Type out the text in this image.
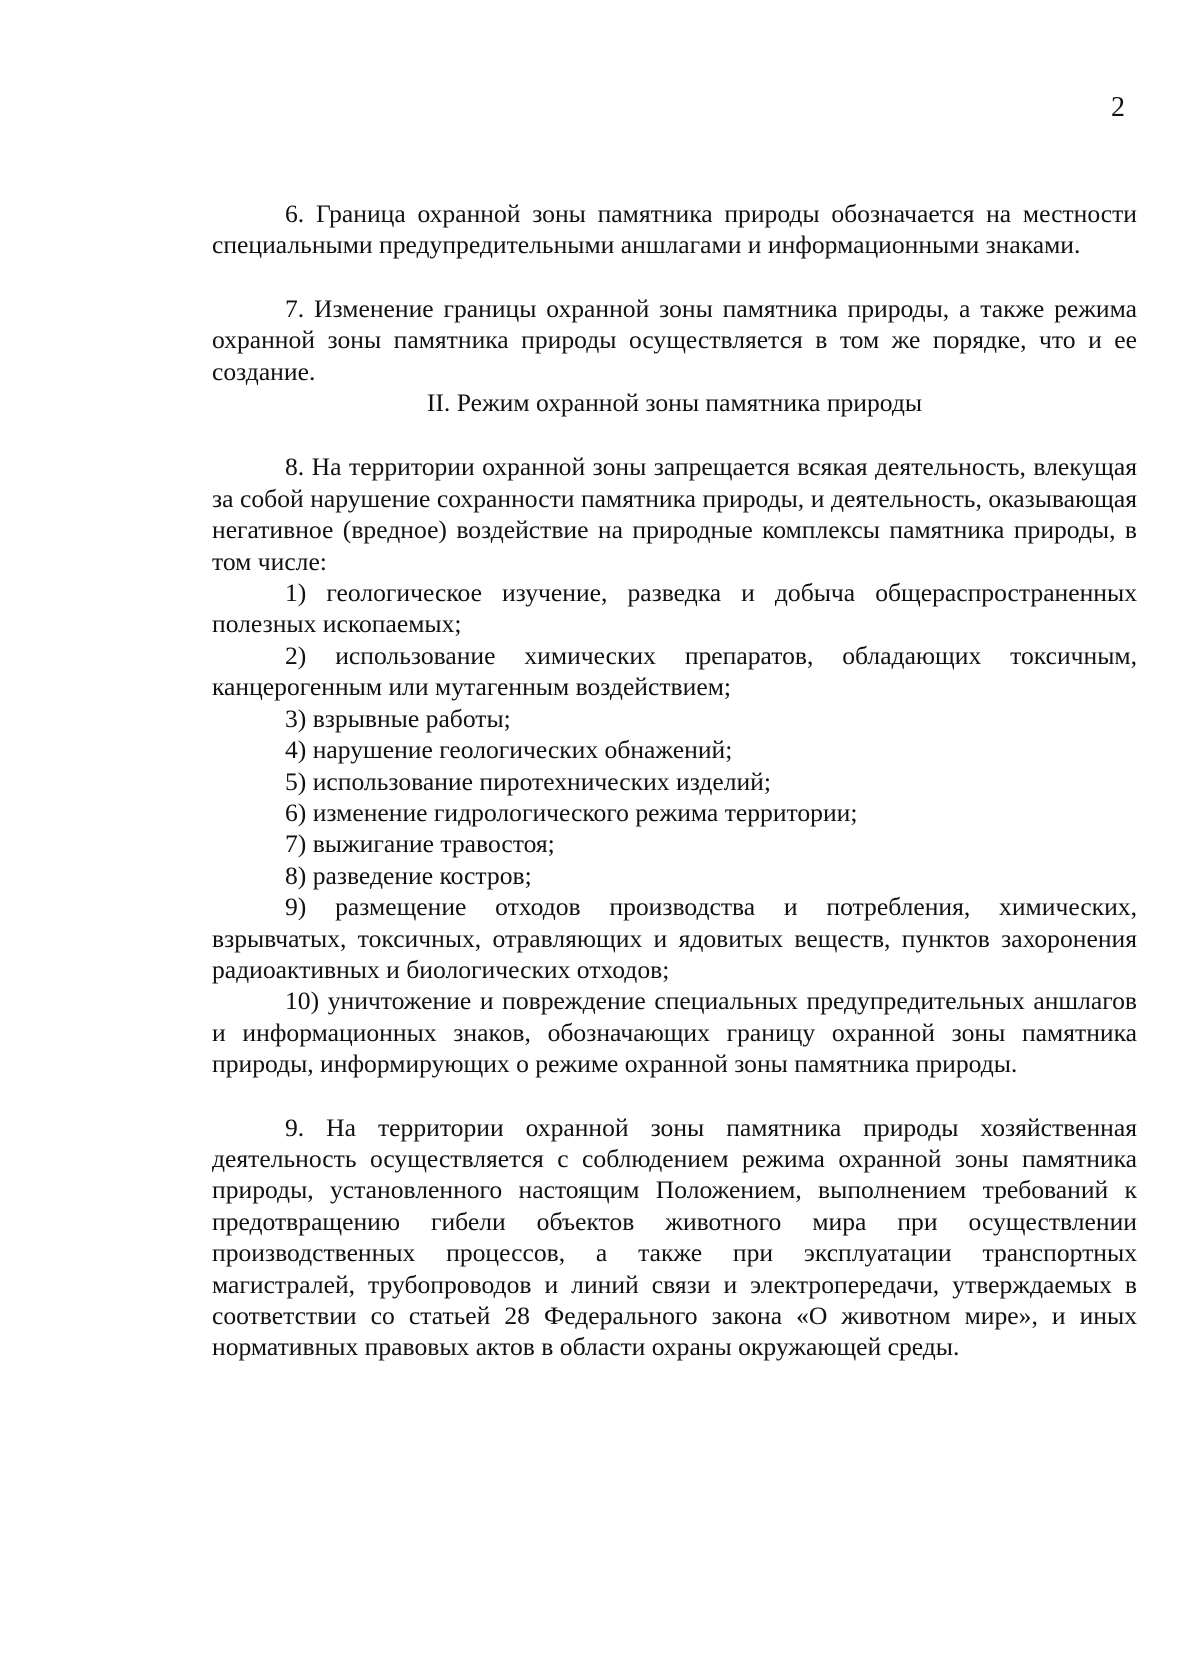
2

6. Граница охранной зоны памятника природы обозначается на местности специальными предупредительными аншлагами и информационными знаками.

7. Изменение границы охранной зоны памятника природы, а также режима охранной зоны памятника природы осуществляется в том же порядке, что и ее создание.

II. Режим охранной зоны памятника природы

8. На территории охранной зоны запрещается всякая деятельность, влекущая за собой нарушение сохранности памятника природы, и деятельность, оказывающая негативное (вредное) воздействие на природные комплексы памятника природы, в том числе:

1) геологическое изучение, разведка и добыча общераспространенных полезных ископаемых;
2) использование химических препаратов, обладающих токсичным, канцерогенным или мутагенным воздействием;
3) взрывные работы;
4) нарушение геологических обнажений;
5) использование пиротехнических изделий;
6) изменение гидрологического режима территории;
7) выжигание травостоя;
8) разведение костров;
9) размещение отходов производства и потребления, химических, взрывчатых, токсичных, отравляющих и ядовитых веществ, пунктов захоронения радиоактивных и биологических отходов;
10) уничтожение и повреждение специальных предупредительных аншлагов и информационных знаков, обозначающих границу охранной зоны памятника природы, информирующих о режиме охранной зоны памятника природы.

9. На территории охранной зоны памятника природы хозяйственная деятельность осуществляется с соблюдением режима охранной зоны памятника природы, установленного настоящим Положением, выполнением требований к предотвращению гибели объектов животного мира при осуществлении производственных процессов, а также при эксплуатации транспортных магистралей, трубопроводов и линий связи и электропередачи, утверждаемых в соответствии со статьей 28 Федерального закона «О животном мире», и иных нормативных правовых актов в области охраны окружающей среды.
